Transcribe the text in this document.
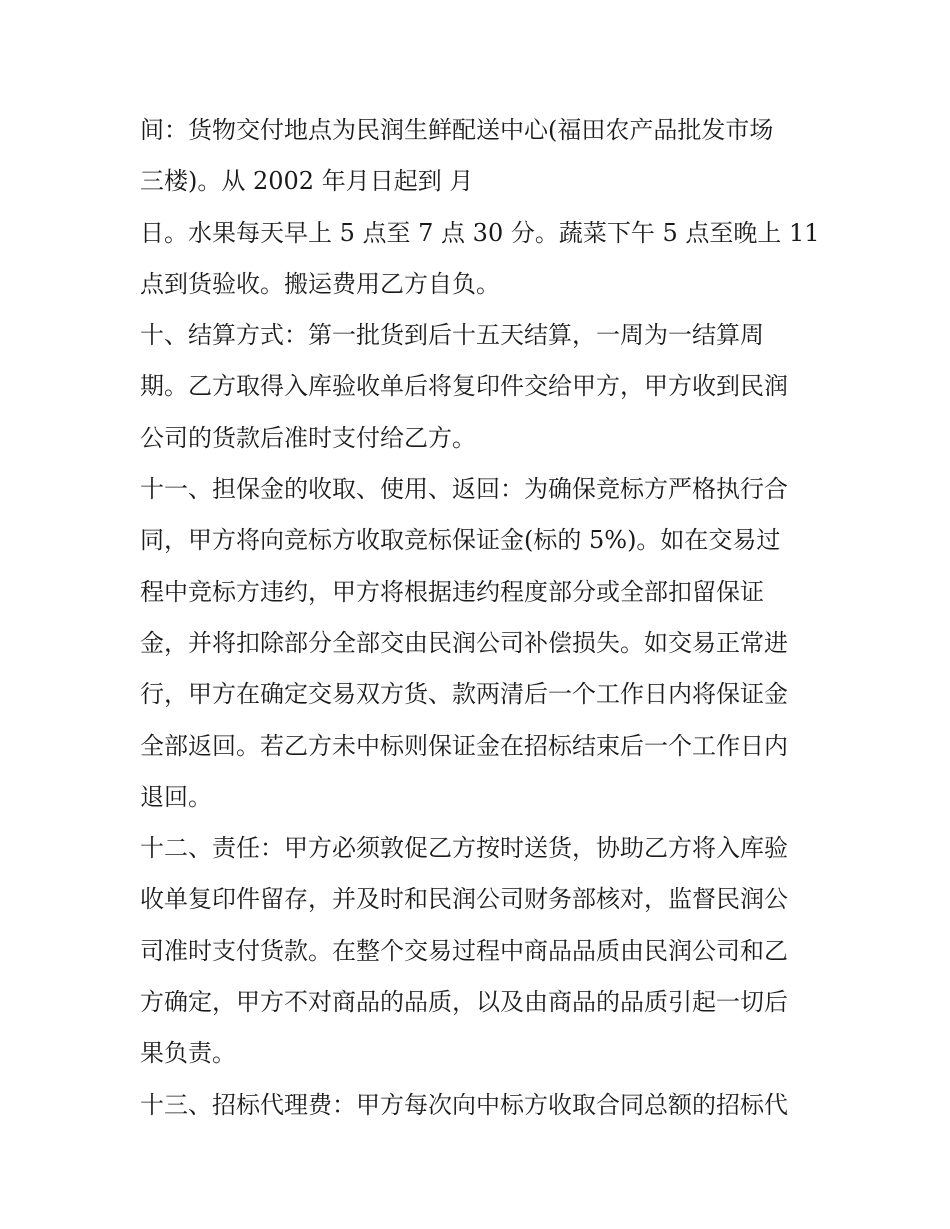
间：货物交付地点为民润生鲜配送中心(福田农产品批发市场
三楼)。从 2002 年月日起到 月
日。水果每天早上 5 点至 7 点 30 分。蔬菜下午 5 点至晚上 11
点到货验收。搬运费用乙方自负。
十、结算方式：第一批货到后十五天结算，一周为一结算周
期。乙方取得入库验收单后将复印件交给甲方，甲方收到民润
公司的货款后准时支付给乙方。
十一、担保金的收取、使用、返回：为确保竞标方严格执行合
同，甲方将向竞标方收取竞标保证金(标的 5%)。如在交易过
程中竞标方违约，甲方将根据违约程度部分或全部扣留保证
金，并将扣除部分全部交由民润公司补偿损失。如交易正常进
行，甲方在确定交易双方货、款两清后一个工作日内将保证金
全部返回。若乙方未中标则保证金在招标结束后一个工作日内
退回。
十二、责任：甲方必须敦促乙方按时送货，协助乙方将入库验
收单复印件留存，并及时和民润公司财务部核对，监督民润公
司准时支付货款。在整个交易过程中商品品质由民润公司和乙
方确定，甲方不对商品的品质，以及由商品的品质引起一切后
果负责。
十三、招标代理费：甲方每次向中标方收取合同总额的招标代
